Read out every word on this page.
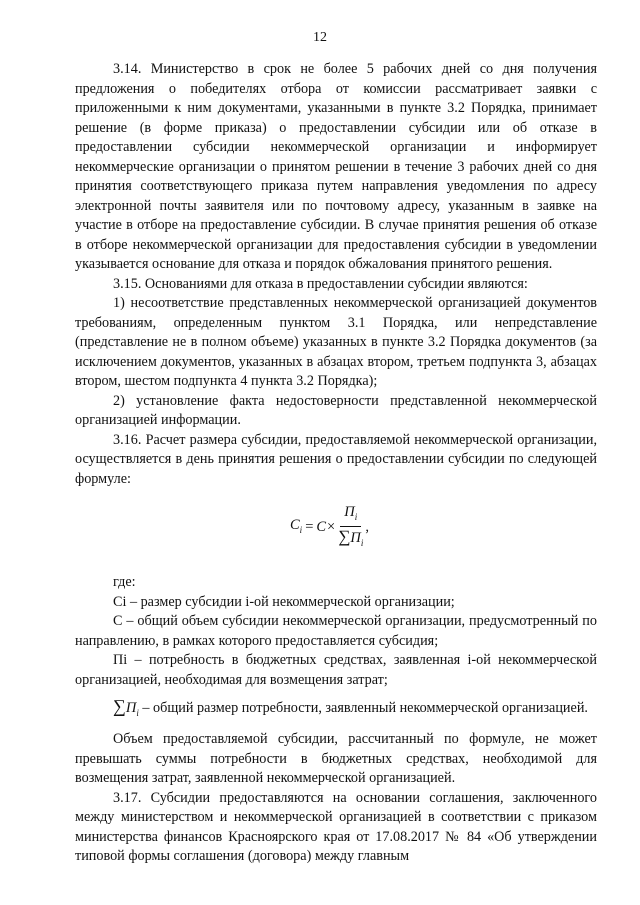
12

3.14. Министерство в срок не более 5 рабочих дней со дня получения предложения о победителях отбора от комиссии рассматривает заявки с приложенными к ним документами, указанными в пункте 3.2 Порядка, принимает решение (в форме приказа) о предоставлении субсидии или об отказе в предоставлении субсидии некоммерческой организации и информирует некоммерческие организации о принятом решении в течение 3 рабочих дней со дня принятия соответствующего приказа путем направления уведомления по адресу электронной почты заявителя или по почтовому адресу, указанным в заявке на участие в отборе на предоставление субсидии. В случае принятия решения об отказе в отборе некоммерческой организации для предоставления субсидии в уведомлении указывается основание для отказа и порядок обжалования принятого решения.

3.15. Основаниями для отказа в предоставлении субсидии являются:

1) несоответствие представленных некоммерческой организацией документов требованиям, определенным пунктом 3.1 Порядка, или непредставление (представление не в полном объеме) указанных в пункте 3.2 Порядка документов (за исключением документов, указанных в абзацах втором, третьем подпункта 3, абзацах втором, шестом подпункта 4 пункта 3.2 Порядка);

2) установление факта недостоверности представленной некоммерческой организацией информации.

3.16. Расчет размера субсидии, предоставляемой некоммерческой организации, осуществляется в день принятия решения о предоставлении субсидии по следующей формуле:

$C_i = C \times \frac{П_i}{\sum П_i}$ ,

где:

Сi – размер субсидии i-ой некоммерческой организации;

С – общий объем субсидии некоммерческой организации, предусмотренный по направлению, в рамках которого предоставляется субсидия;

Пi – потребность в бюджетных средствах, заявленная i-ой некоммерческой организацией, необходимая для возмещения затрат;

$\sum П_i$ – общий размер потребности, заявленный некоммерческой организацией.

Объем предоставляемой субсидии, рассчитанный по формуле, не может превышать суммы потребности в бюджетных средствах, необходимой для возмещения затрат, заявленной некоммерческой организацией.

3.17. Субсидии предоставляются на основании соглашения, заключенного между министерством и некоммерческой организацией в соответствии с приказом министерства финансов Красноярского края от 17.08.2017 № 84 «Об утверждении типовой формы соглашения (договора) между главным
